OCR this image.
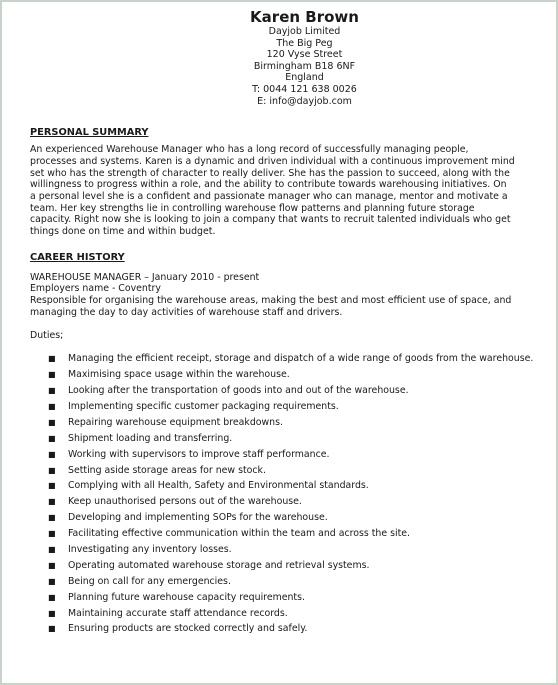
Karen Brown
Dayjob Limited
The Big Peg
120 Vyse Street
Birmingham B18 6NF
England
T: 0044 121 638 0026
E: info@dayjob.com
PERSONAL SUMMARY
An experienced Warehouse Manager who has a long record of successfully managing people,
processes and systems. Karen is a dynamic and driven individual with a continuous improvement mind
set who has the strength of character to really deliver. She has the passion to succeed, along with the
willingness to progress within a role, and the ability to contribute towards warehousing initiatives. On
a personal level she is a confident and passionate manager who can manage, mentor and motivate a
team. Her key strengths lie in controlling warehouse flow patterns and planning future storage
capacity. Right now she is looking to join a company that wants to recruit talented individuals who get
things done on time and within budget.
CAREER HISTORY
WAREHOUSE MANAGER – January 2010 - present
Employers name - Coventry
Responsible for organising the warehouse areas, making the best and most efficient use of space, and
managing the day to day activities of warehouse staff and drivers.
Duties;
■ Managing the efficient receipt, storage and dispatch of a wide range of goods from the warehouse.
■ Maximising space usage within the warehouse.
■ Looking after the transportation of goods into and out of the warehouse.
■ Implementing specific customer packaging requirements.
■ Repairing warehouse equipment breakdowns.
■ Shipment loading and transferring.
■ Working with supervisors to improve staff performance.
■ Setting aside storage areas for new stock.
■ Complying with all Health, Safety and Environmental standards.
■ Keep unauthorised persons out of the warehouse.
■ Developing and implementing SOPs for the warehouse.
■ Facilitating effective communication within the team and across the site.
■ Investigating any inventory losses.
■ Operating automated warehouse storage and retrieval systems.
■ Being on call for any emergencies.
■ Planning future warehouse capacity requirements.
■ Maintaining accurate staff attendance records.
■ Ensuring products are stocked correctly and safely.
